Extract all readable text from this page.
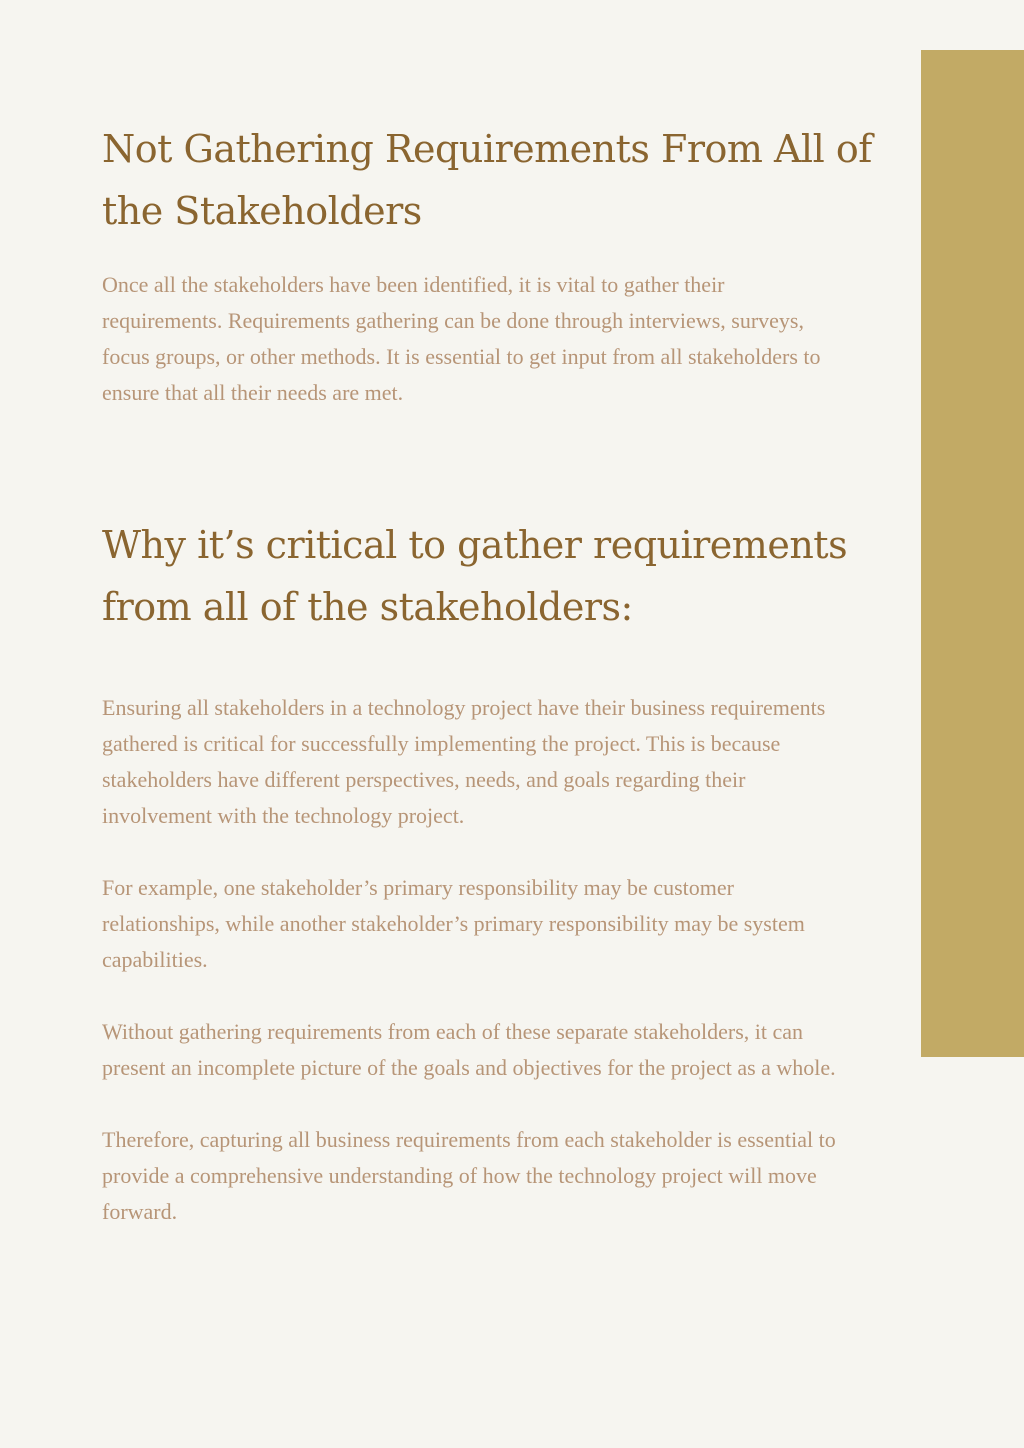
Not Gathering Requirements From All of the Stakeholders

Once all the stakeholders have been identified, it is vital to gather their requirements. Requirements gathering can be done through interviews, surveys, focus groups, or other methods. It is essential to get input from all stakeholders to ensure that all their needs are met.

Why it’s critical to gather requirements from all of the stakeholders:

Ensuring all stakeholders in a technology project have their business requirements gathered is critical for successfully implementing the project. This is because stakeholders have different perspectives, needs, and goals regarding their involvement with the technology project.

For example, one stakeholder’s primary responsibility may be customer relationships, while another stakeholder’s primary responsibility may be system capabilities.

Without gathering requirements from each of these separate stakeholders, it can present an incomplete picture of the goals and objectives for the project as a whole.

Therefore, capturing all business requirements from each stakeholder is essential to provide a comprehensive understanding of how the technology project will move forward.
